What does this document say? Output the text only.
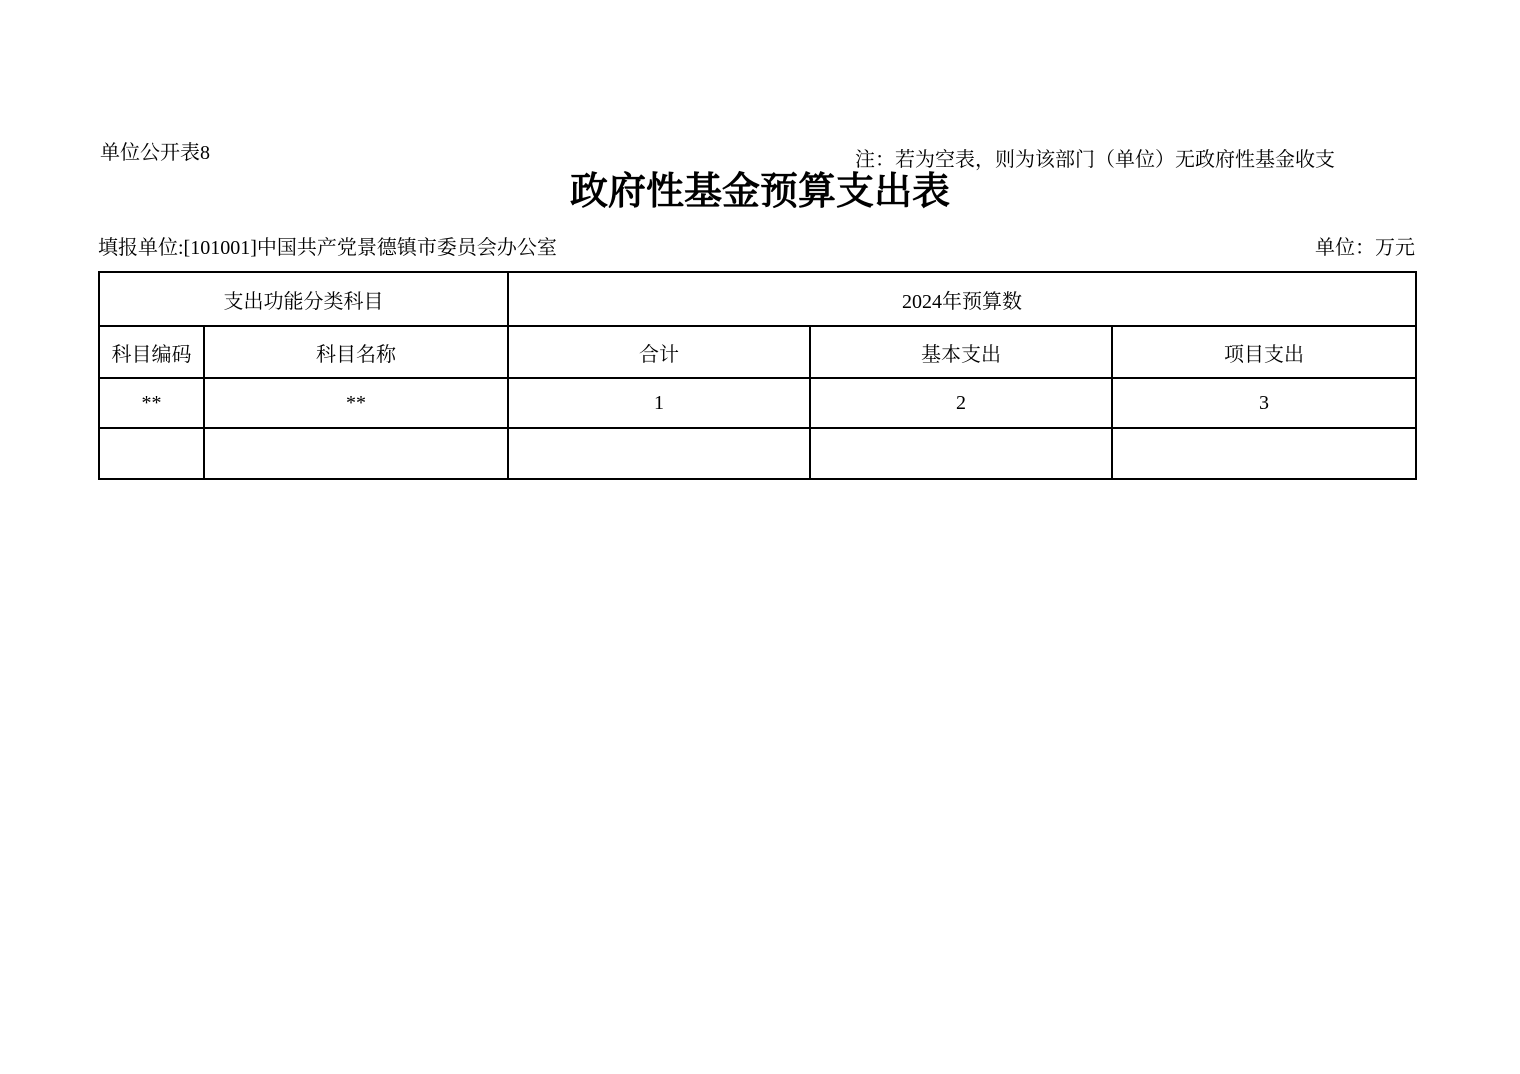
单位公开表8	注：若为空表，则为该部门（单位）无政府性基金收支
政府性基金预算支出表
填报单位:[101001]中国共产党景德镇市委员会办公室	单位：万元
支出功能分类科目		2024年预算数		
科目编码	科目名称	合计	基本支出	项目支出
**	**	1	2	3
